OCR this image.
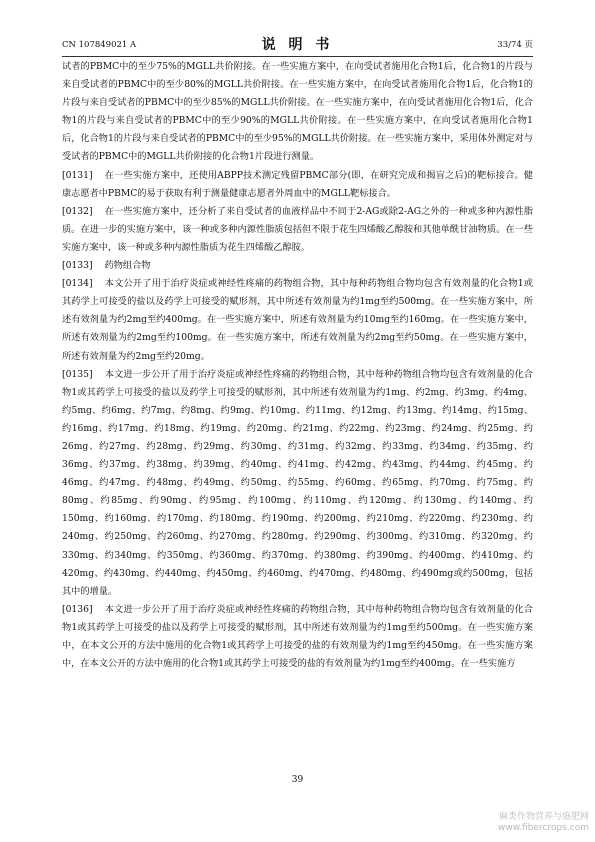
CN 107849021 A	说 明 书	33/74 页

试者的PBMC中的至少75%的MGLL共价附接。在一些实施方案中，在向受试者施用化合物1后，化合物1的片段与来自受试者的PBMC中的至少80%的MGLL共价附接。在一些实施方案中，在向受试者施用化合物1后，化合物1的片段与来自受试者的PBMC中的至少85%的MGLL共价附接。在一些实施方案中，在向受试者施用化合物1后，化合物1的片段与来自受试者的PBMC中的至少90%的MGLL共价附接。在一些实施方案中，在向受试者施用化合物1后，化合物1的片段与来自受试者的PBMC中的至少95%的MGLL共价附接。在一些实施方案中，采用体外测定对与受试者的PBMC中的MGLL共价附接的化合物1片段进行测量。

[0131] 在一些实施方案中，还使用ABPP技术测定残留PBMC部分(即，在研究完成和揭盲之后)的靶标接合。健康志愿者中PBMC的易于获取有利于测量健康志愿者外周血中的MGLL靶标接合。

[0132] 在一些实施方案中，还分析了来自受试者的血液样品中不同于2-AG或除2-AG之外的一种或多种内源性脂质。在进一步的实施方案中，该一种或多种内源性脂质包括但不限于花生四烯酸乙醇胺和其他单酰甘油物质。在一些实施方案中，该一种或多种内源性脂质为花生四烯酸乙醇胺。

[0133] 药物组合物

[0134] 本文公开了用于治疗炎症或神经性疼痛的药物组合物，其中每种药物组合物均包含有效剂量的化合物1或其药学上可接受的盐以及药学上可接受的赋形剂，其中所述有效剂量为约1mg至约500mg。在一些实施方案中，所述有效剂量为约2mg至约400mg。在一些实施方案中，所述有效剂量为约10mg至约160mg。在一些实施方案中，所述有效剂量为约2mg至约100mg。在一些实施方案中，所述有效剂量为约2mg至约50mg。在一些实施方案中，所述有效剂量为约2mg至约20mg。

[0135] 本文进一步公开了用于治疗炎症或神经性疼痛的药物组合物，其中每种药物组合物均包含有效剂量的化合物1或其药学上可接受的盐以及药学上可接受的赋形剂，其中所述有效剂量为约1mg、约2mg、约3mg、约4mg、约5mg、约6mg、约7mg、约8mg、约9mg、约10mg、约11mg、约12mg、约13mg、约14mg、约15mg、约16mg、约17mg、约18mg、约19mg、约20mg、约21mg、约22mg、约23mg、约24mg、约25mg、约26mg、约27mg、约28mg、约29mg、约30mg、约31mg、约32mg、约33mg、约34mg、约35mg、约36mg、约37mg、约38mg、约39mg、约40mg、约41mg、约42mg、约43mg、约44mg、约45mg、约46mg、约47mg、约48mg、约49mg、约50mg、约55mg、约60mg、约65mg、约70mg、约75mg、约80mg、约85mg、约90mg、约95mg、约100mg、约110mg、约120mg、约130mg、约140mg、约150mg、约160mg、约170mg、约180mg、约190mg、约200mg、约210mg、约220mg、约230mg、约240mg、约250mg、约260mg、约270mg、约280mg、约290mg、约300mg、约310mg、约320mg、约330mg、约340mg、约350mg、约360mg、约370mg、约380mg、约390mg、约400mg、约410mg、约420mg、约430mg、约440mg、约450mg、约460mg、约470mg、约480mg、约490mg或约500mg，包括其中的增量。

[0136] 本文进一步公开了用于治疗炎症或神经性疼痛的药物组合物，其中每种药物组合物均包含有效剂量的化合物1或其药学上可接受的盐以及药学上可接受的赋形剂，其中所述有效剂量为约1mg至约500mg。在一些实施方案中，在本文公开的方法中施用的化合物1或其药学上可接受的盐的有效剂量为约1mg至约450mg。在一些实施方案中，在本文公开的方法中施用的化合物1或其药学上可接受的盐的有效剂量为约1mg至约400mg。在一些实施方

39
麻类作物营养与施肥网
www.fibercrops.com
